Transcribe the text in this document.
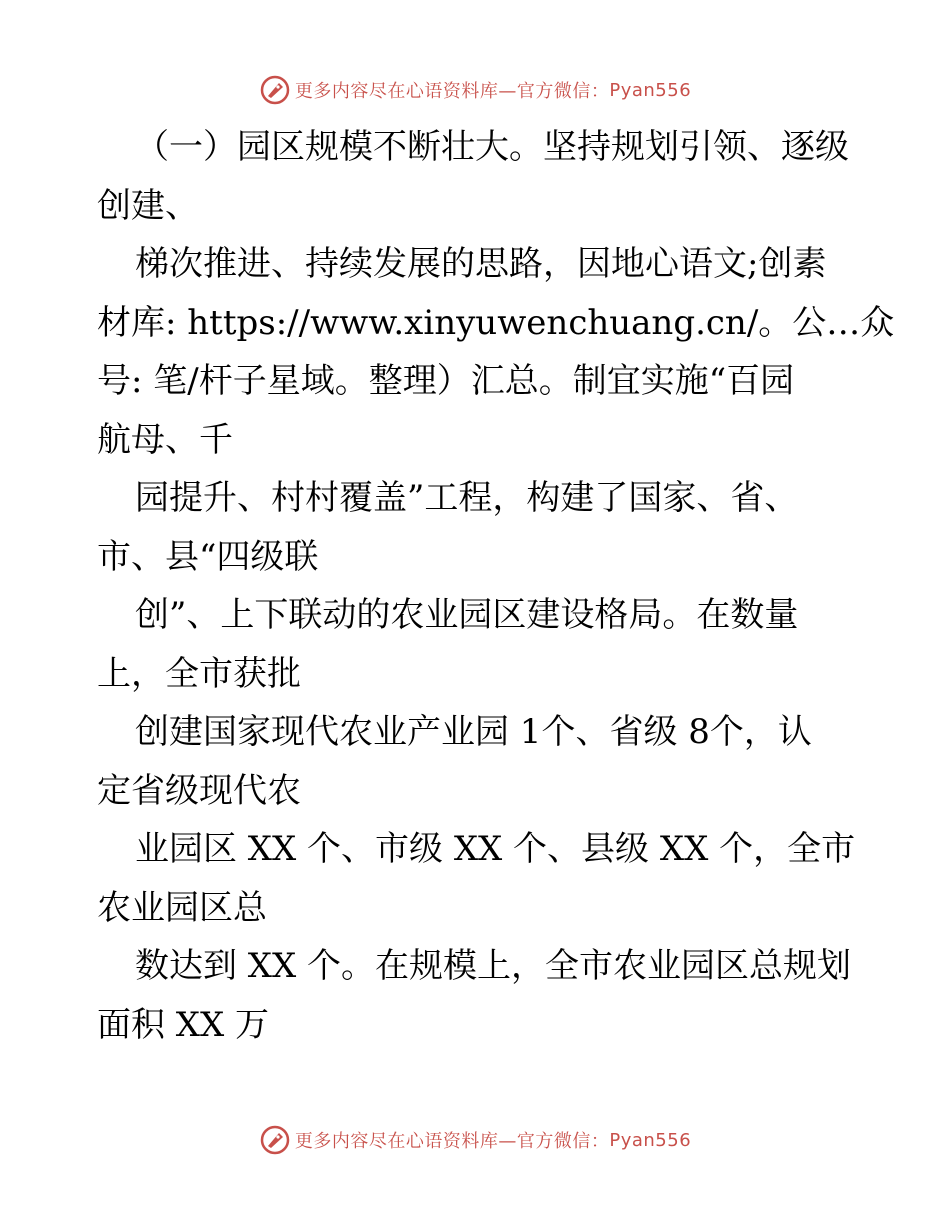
更多内容尽在心语资料库—官方微信： Pyan556
（一）园区规模不断壮大。坚持规划引领、逐级
创建、
梯次推进、持续发展的思路，因地心语文;创素
材库: https://www.xinyuwenchuang.cn/。公…众
号: 笔/杆子星域。整理）汇总。制宜实施“百园
航母、千
园提升、村村覆盖”工程，构建了国家、省、
市、县“四级联
创”、上下联动的农业园区建设格局。在数量
上，全市获批
创建国家现代农业产业园 1个、省级 8个，认
定省级现代农
业园区 XX 个、市级 XX 个、县级 XX 个，全市
农业园区总
数达到 XX 个。在规模上，全市农业园区总规划
面积 XX 万
更多内容尽在心语资料库—官方微信： Pyan556
